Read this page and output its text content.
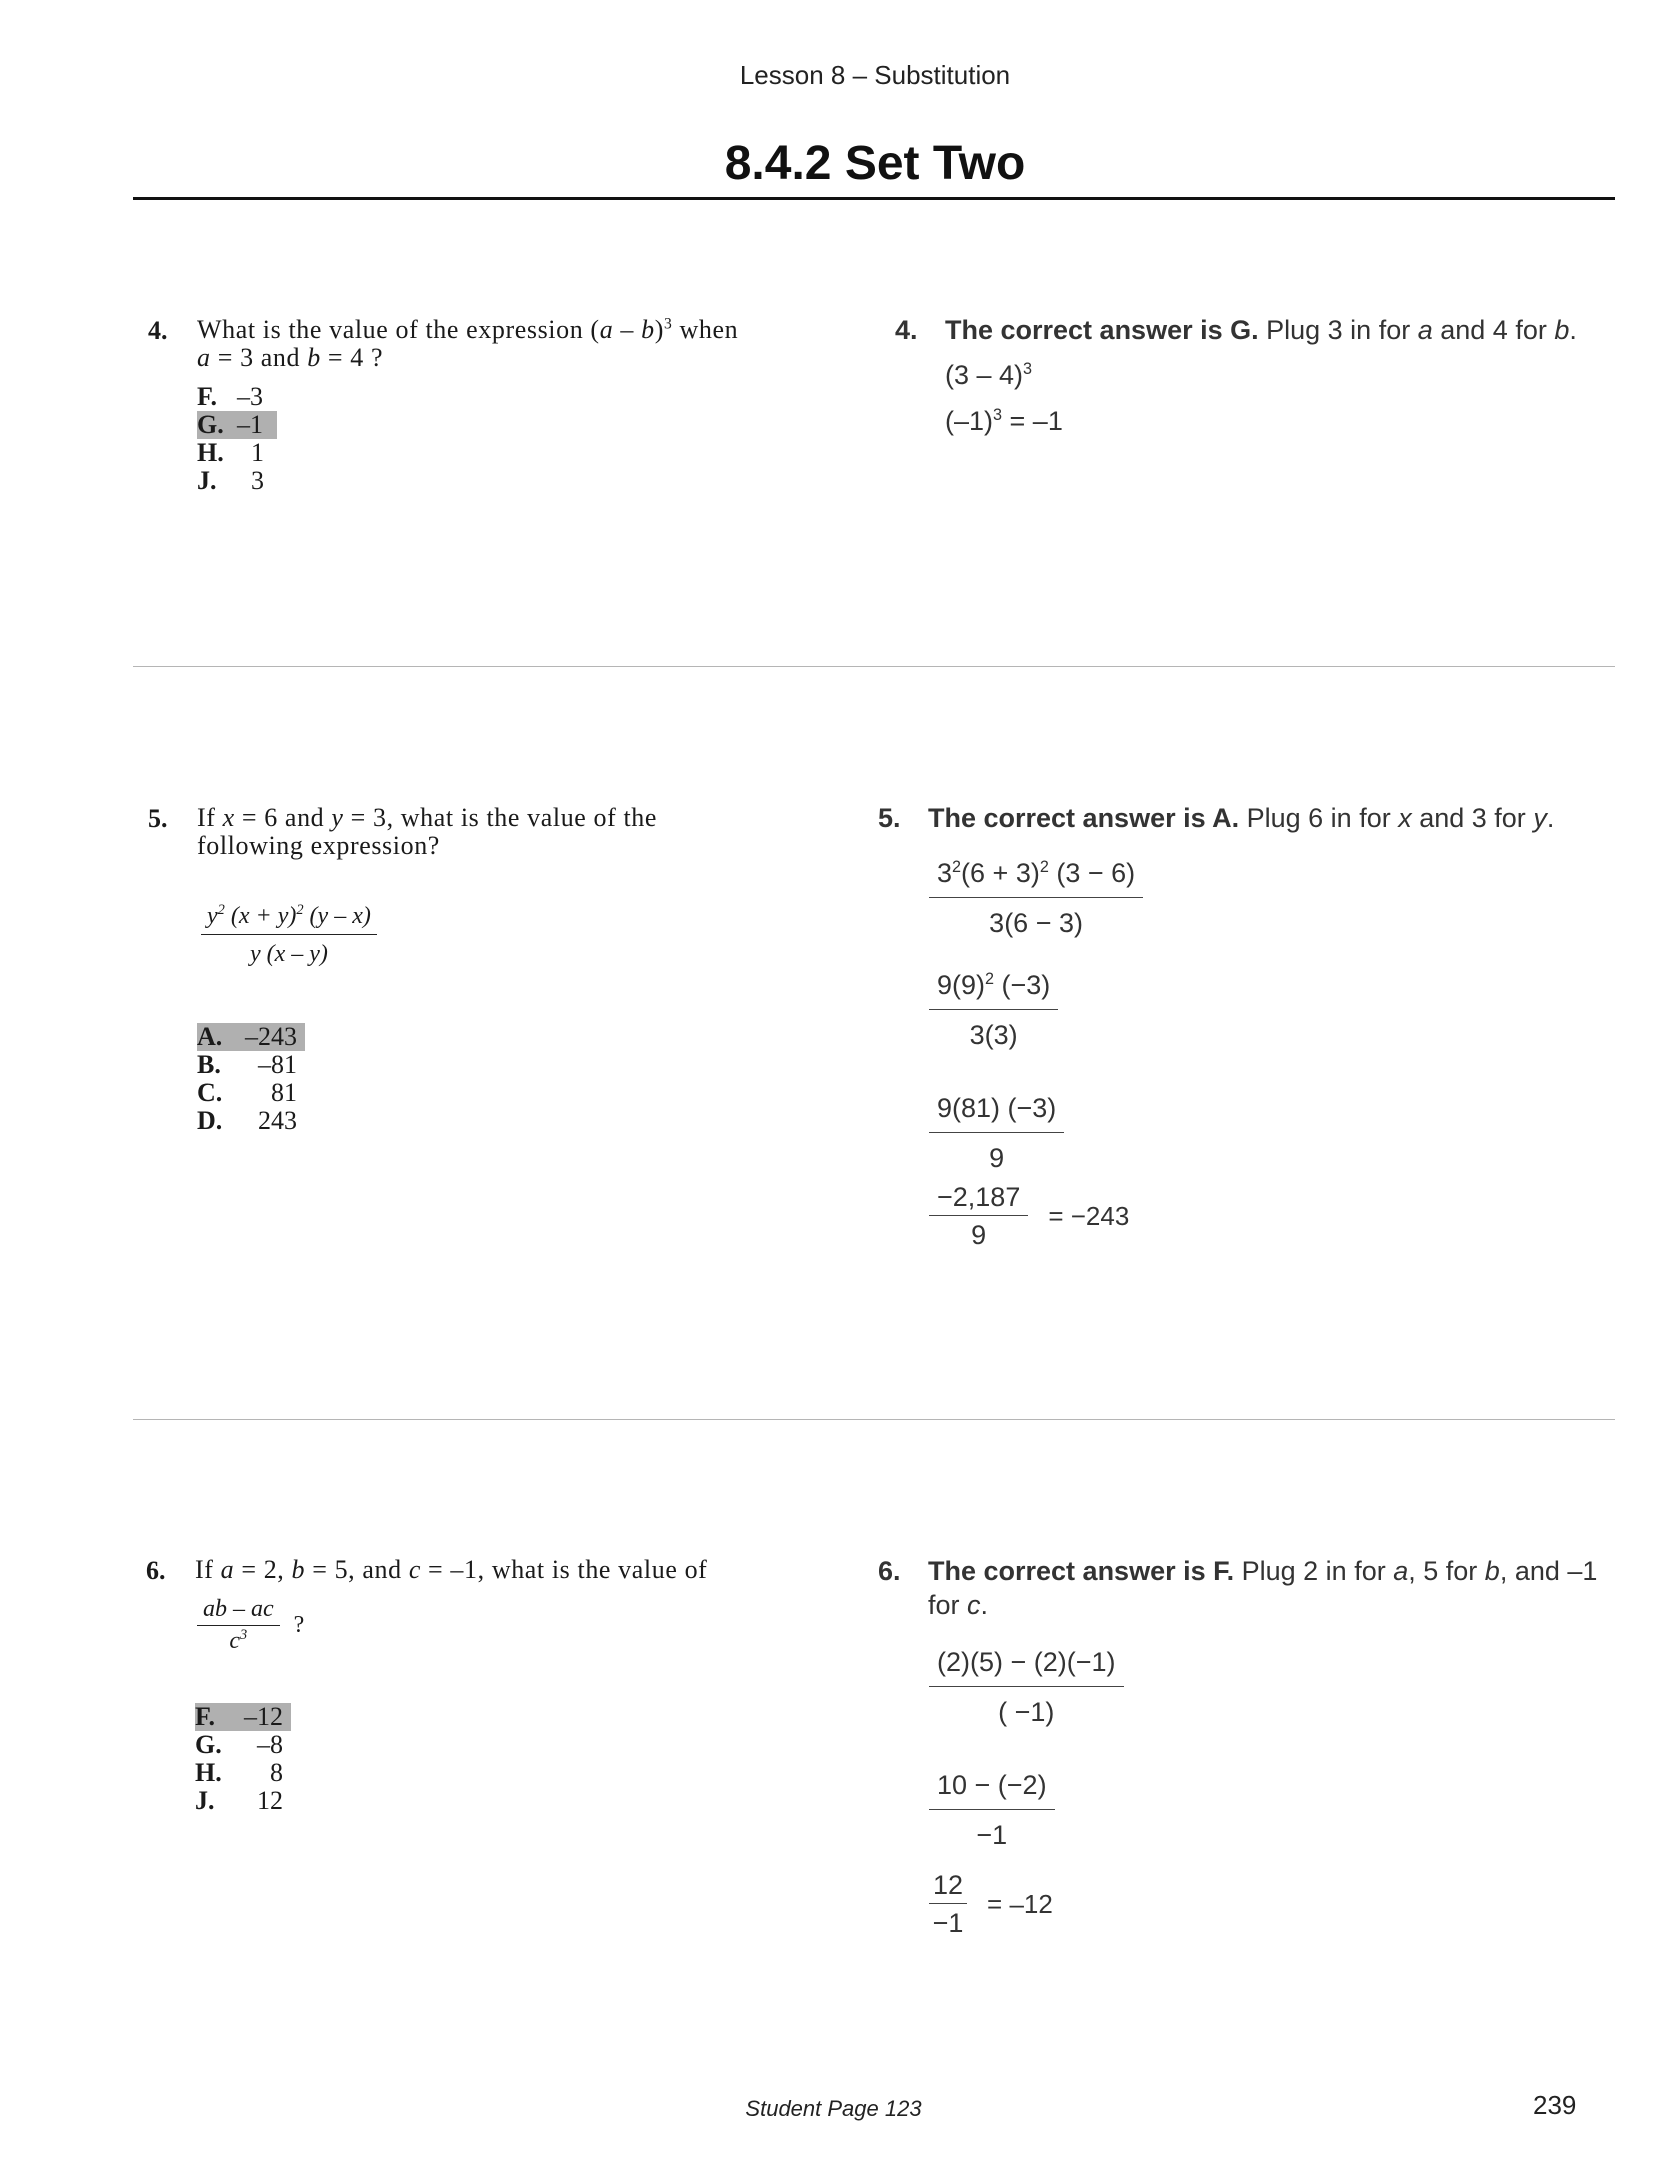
Lesson 8 – Substitution
8.4.2 Set Two
4. What is the value of the expression (a – b)$^3$ when
a = 3 and b = 4 ?
F. –3
G. –1
H. 1
J. 3
4. The correct answer is G. Plug 3 in for a and 4 for b.
(3 – 4)$^3$
$(-1)^3 = -1$
5. If x = 6 and y = 3, what is the value of the
following expression?
$\frac{y^2 (x + y)^2 (y - x)}{y (x - y)}$
A. –243
B. –81
C. 81
D. 243
5. The correct answer is A. Plug 6 in for x and 3 for y.
$\frac{3^2(6 + 3)^2 (3 - 6)}{3(6 - 3)}$
$\frac{9(9)^2 (-3)}{3(3)}$
$\frac{9(81) (-3)}{9}$
$\frac{-2,187}{9} = -243$
6. If a = 2, b = 5, and c = –1, what is the value of
$\frac{ab - ac}{c^3}$ ?
F. –12
G. –8
H. 8
J. 12
6. The correct answer is F. Plug 2 in for a, 5 for b, and –1
for c.
$\frac{(2)(5) - (2)(-1)}{( -1)}$
$\frac{10 - (-2)}{-1}$
$\frac{12}{-1} = -12$
Student Page 123	239
